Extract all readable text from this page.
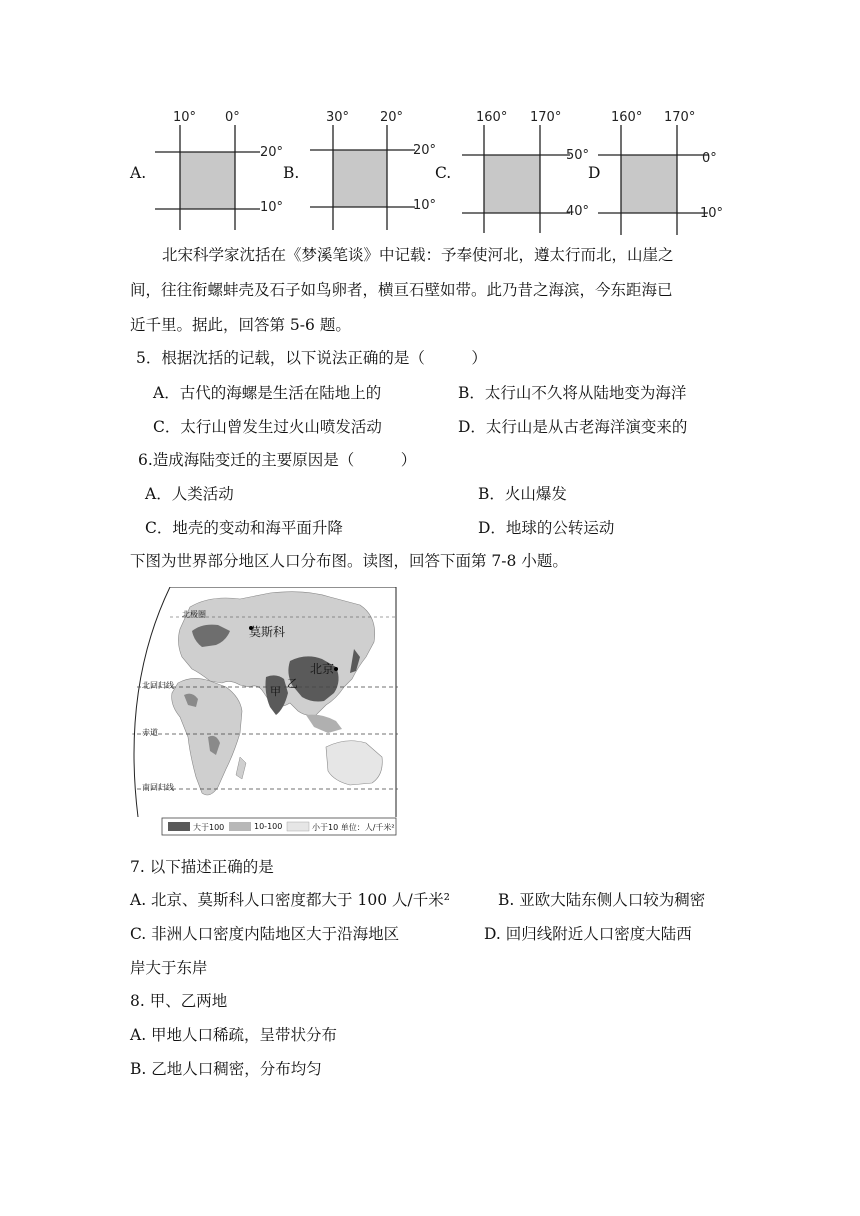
A.
10° 0°
20°
10°
B.
30° 20°
20°
10°
C.
160° 170°
50°
40°
D
160° 170°
0°
10°
北宋科学家沈括在《梦溪笔谈》中记载：予奉使河北，遵太行而北，山崖之
间，往往衔螺蚌壳及石子如鸟卵者，横亘石壁如带。此乃昔之海滨，今东距海已
近千里。据此，回答第 5-6 题。
5．根据沈括的记载，以下说法正确的是（　　　）
A．古代的海螺是生活在陆地上的	B．太行山不久将从陆地变为海洋
C．太行山曾发生过火山喷发活动	D．太行山是从古老海洋演变来的
6.造成海陆变迁的主要原因是（　　　）
A．人类活动	B．火山爆发
C．地壳的变动和海平面升降	D．地球的公转运动
下图为世界部分地区人口分布图。读图，回答下面第 7-8 小题。
莫斯科
北京
甲
乙
北极圈
北回归线
赤道
南回归线
大于100	10-100	小于10 单位：人/千米²
7. 以下描述正确的是
A. 北京、莫斯科人口密度都大于 100 人/千米²	B. 亚欧大陆东侧人口较为稠密
C. 非洲人口密度内陆地区大于沿海地区	D. 回归线附近人口密度大陆西
岸大于东岸
8. 甲、乙两地
A. 甲地人口稀疏，呈带状分布
B. 乙地人口稠密，分布均匀
